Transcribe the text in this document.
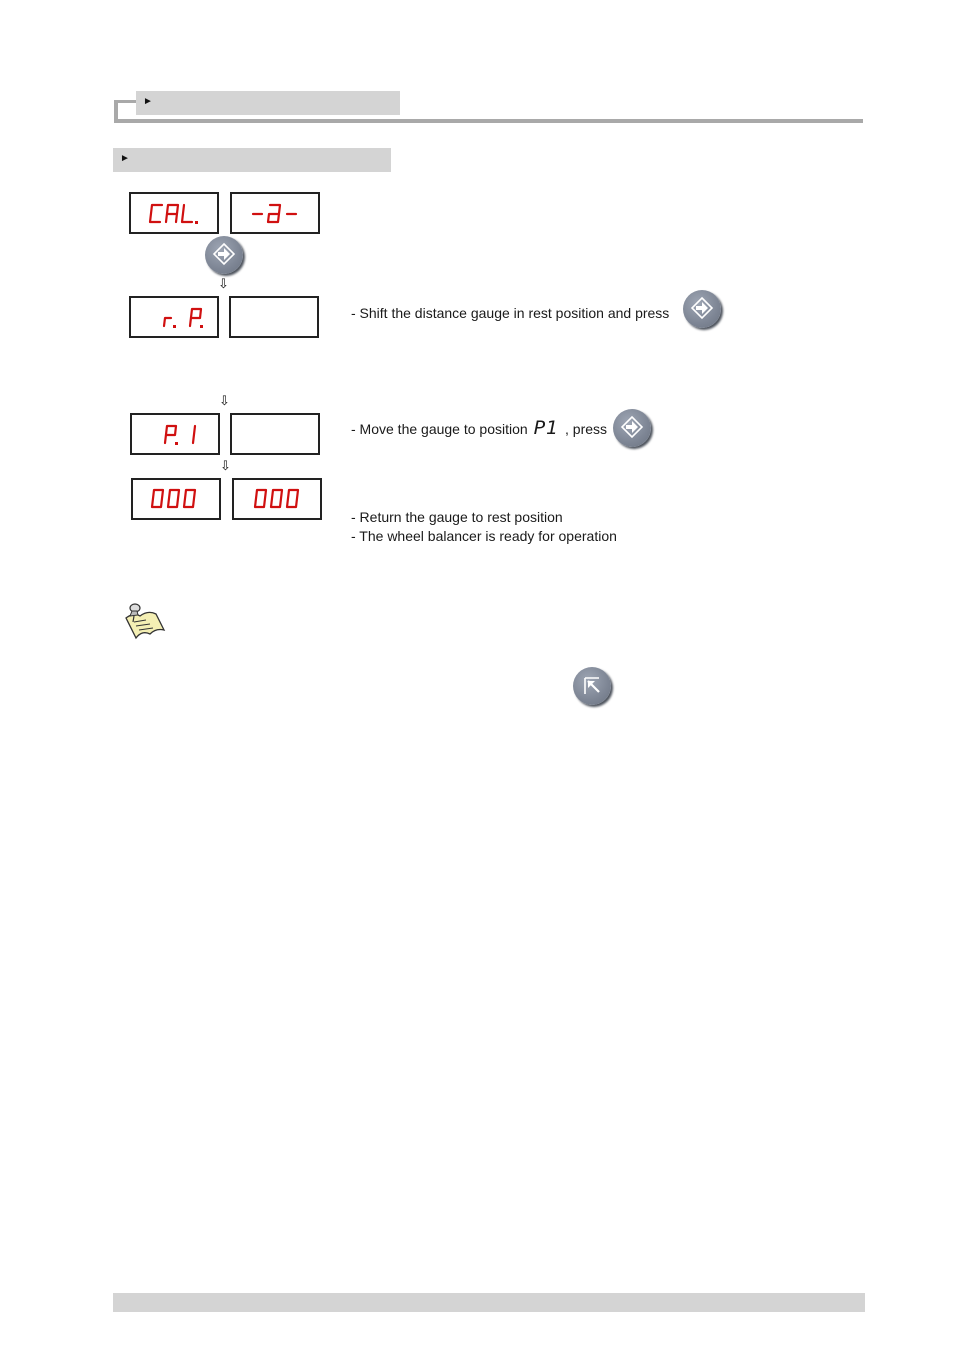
►
►
⇩
- Shift the distance gauge in rest position and press
⇩
- Move the gauge to position P1 , press
⇩
- Return the gauge to rest position
- The wheel balancer is ready for operation
